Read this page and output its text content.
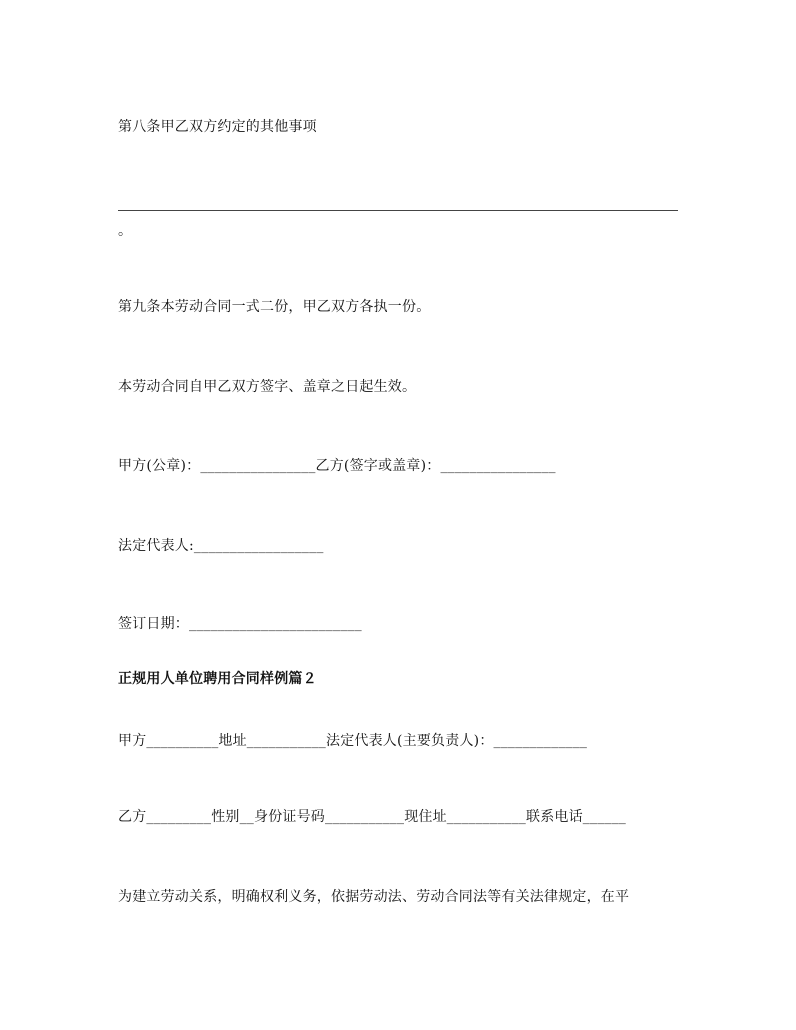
第八条甲乙双方约定的其他事项
。
第九条本劳动合同一式二份，甲乙双方各执一份。
本劳动合同自甲乙双方签字、盖章之日起生效。
甲方(公章)：________________乙方(签字或盖章)：________________
法定代表人:__________________
签订日期：________________________
正规用人单位聘用合同样例篇２
甲方__________地址___________法定代表人(主要负责人)：_____________
乙方_________性别__身份证号码___________现住址___________联系电话______
为建立劳动关系，明确权利义务，依据劳动法、劳动合同法等有关法律规定，在平
